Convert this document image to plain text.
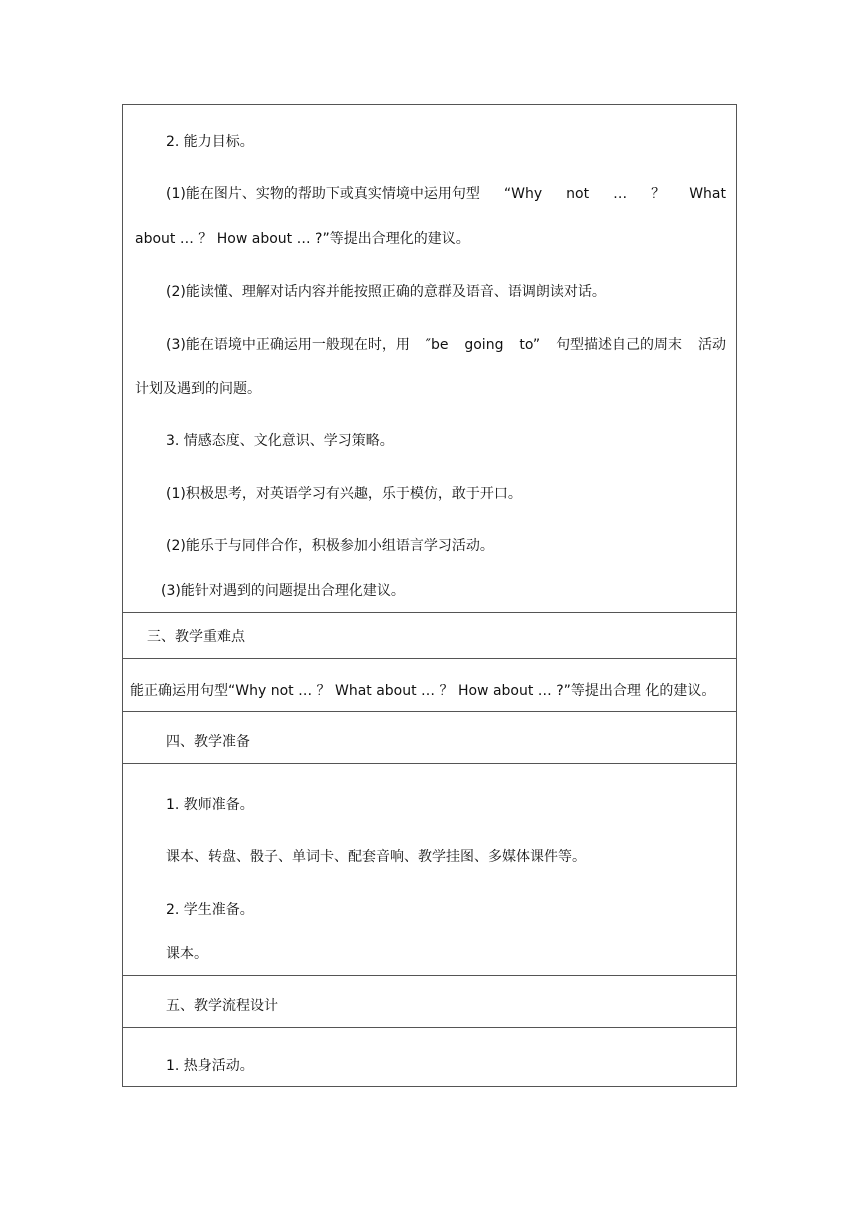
2. 能力目标。
(1)能在图片、实物的帮助下或真实情境中运用句型 “Why not … ？ What
about … ？ How about … ?”等提出合理化的建议。
(2)能读懂、理解对话内容并能按照正确的意群及语音、语调朗读对话。
(3)能在语境中正确运用一般现在时，用 ″be going to” 句型描述自己的周末 活动
计划及遇到的问题。
3. 情感态度、文化意识、学习策略。
(1)积极思考，对英语学习有兴趣，乐于模仿，敢于开口。
(2)能乐于与同伴合作，积极参加小组语言学习活动。
(3)能针对遇到的问题提出合理化建议。
三、教学重难点
能正确运用句型“Why not … ？ What about … ？ How about … ?”等提出合理 化的建议。
四、教学准备
1. 教师准备。
课本、转盘、骰子、单词卡、配套音响、教学挂图、多媒体课件等。
2. 学生准备。
课本。
五、教学流程设计
1. 热身活动。
